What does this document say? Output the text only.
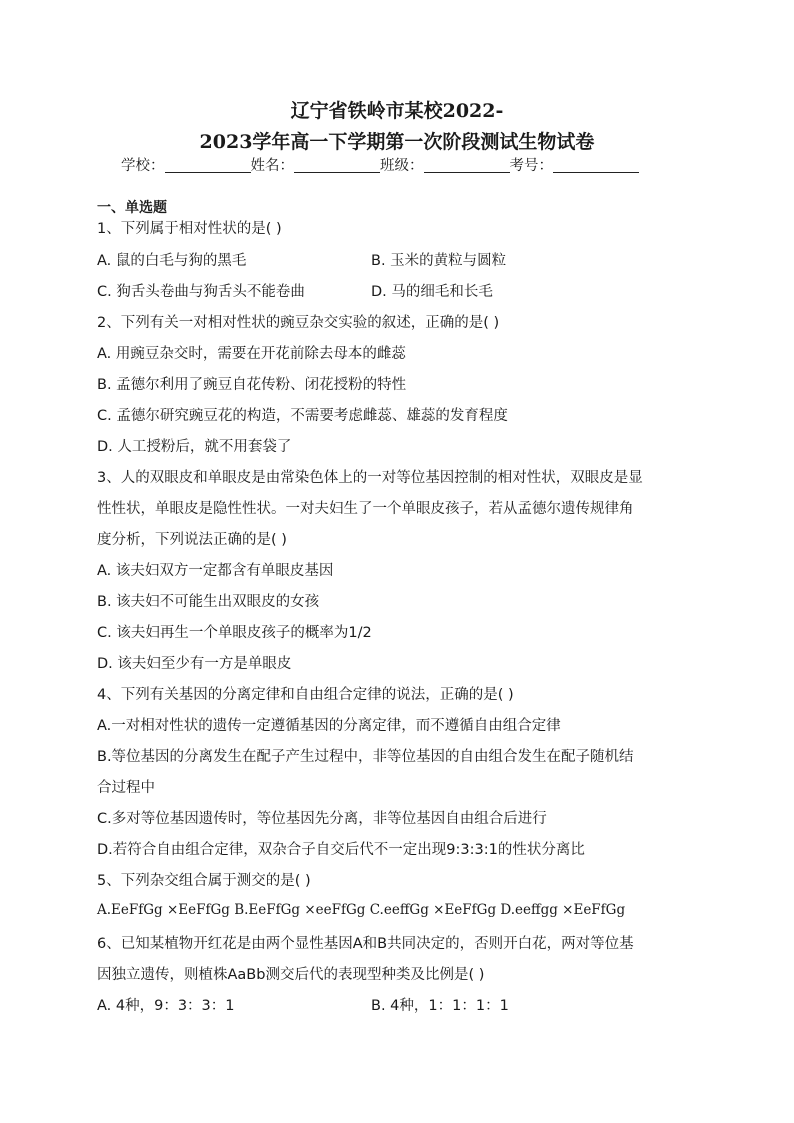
辽宁省铁岭市某校2022-
2023学年高一下学期第一次阶段测试生物试卷
学校：	姓名：	班级：	考号：
一、单选题
1、下列属于相对性状的是( )
A. 鼠的白毛与狗的黑毛	B. 玉米的黄粒与圆粒
C. 狗舌头卷曲与狗舌头不能卷曲	D. 马的细毛和长毛
2、下列有关一对相对性状的豌豆杂交实验的叙述，正确的是( )
A. 用豌豆杂交时，需要在开花前除去母本的雌蕊
B. 孟德尔利用了豌豆自花传粉、闭花授粉的特性
C. 孟德尔研究豌豆花的构造，不需要考虑雌蕊、雄蕊的发育程度
D. 人工授粉后，就不用套袋了
3、人的双眼皮和单眼皮是由常染色体上的一对等位基因控制的相对性状，双眼皮是显
性性状，单眼皮是隐性性状。一对夫妇生了一个单眼皮孩子，若从孟德尔遗传规律角
度分析，下列说法正确的是( )
A. 该夫妇双方一定都含有单眼皮基因
B. 该夫妇不可能生出双眼皮的女孩
C. 该夫妇再生一个单眼皮孩子的概率为1/2
D. 该夫妇至少有一方是单眼皮
4、下列有关基因的分离定律和自由组合定律的说法，正确的是( )
A.一对相对性状的遗传一定遵循基因的分离定律，而不遵循自由组合定律
B.等位基因的分离发生在配子产生过程中，非等位基因的自由组合发生在配子随机结
合过程中
C.多对等位基因遗传时，等位基因先分离，非等位基因自由组合后进行
D.若符合自由组合定律，双杂合子自交后代不一定出现9:3:3:1的性状分离比
5、下列杂交组合属于测交的是( )
A.EeFfGg ×EeFfGg B.EeFfGg ×eeFfGg C.eeffGg ×EeFfGg D.eeffgg ×EeFfGg
6、已知某植物开红花是由两个显性基因A和B共同决定的，否则开白花，两对等位基
因独立遗传，则植株AaBb测交后代的表现型种类及比例是( )
A. 4种，9：3：3：1	B. 4种，1：1：1：1
